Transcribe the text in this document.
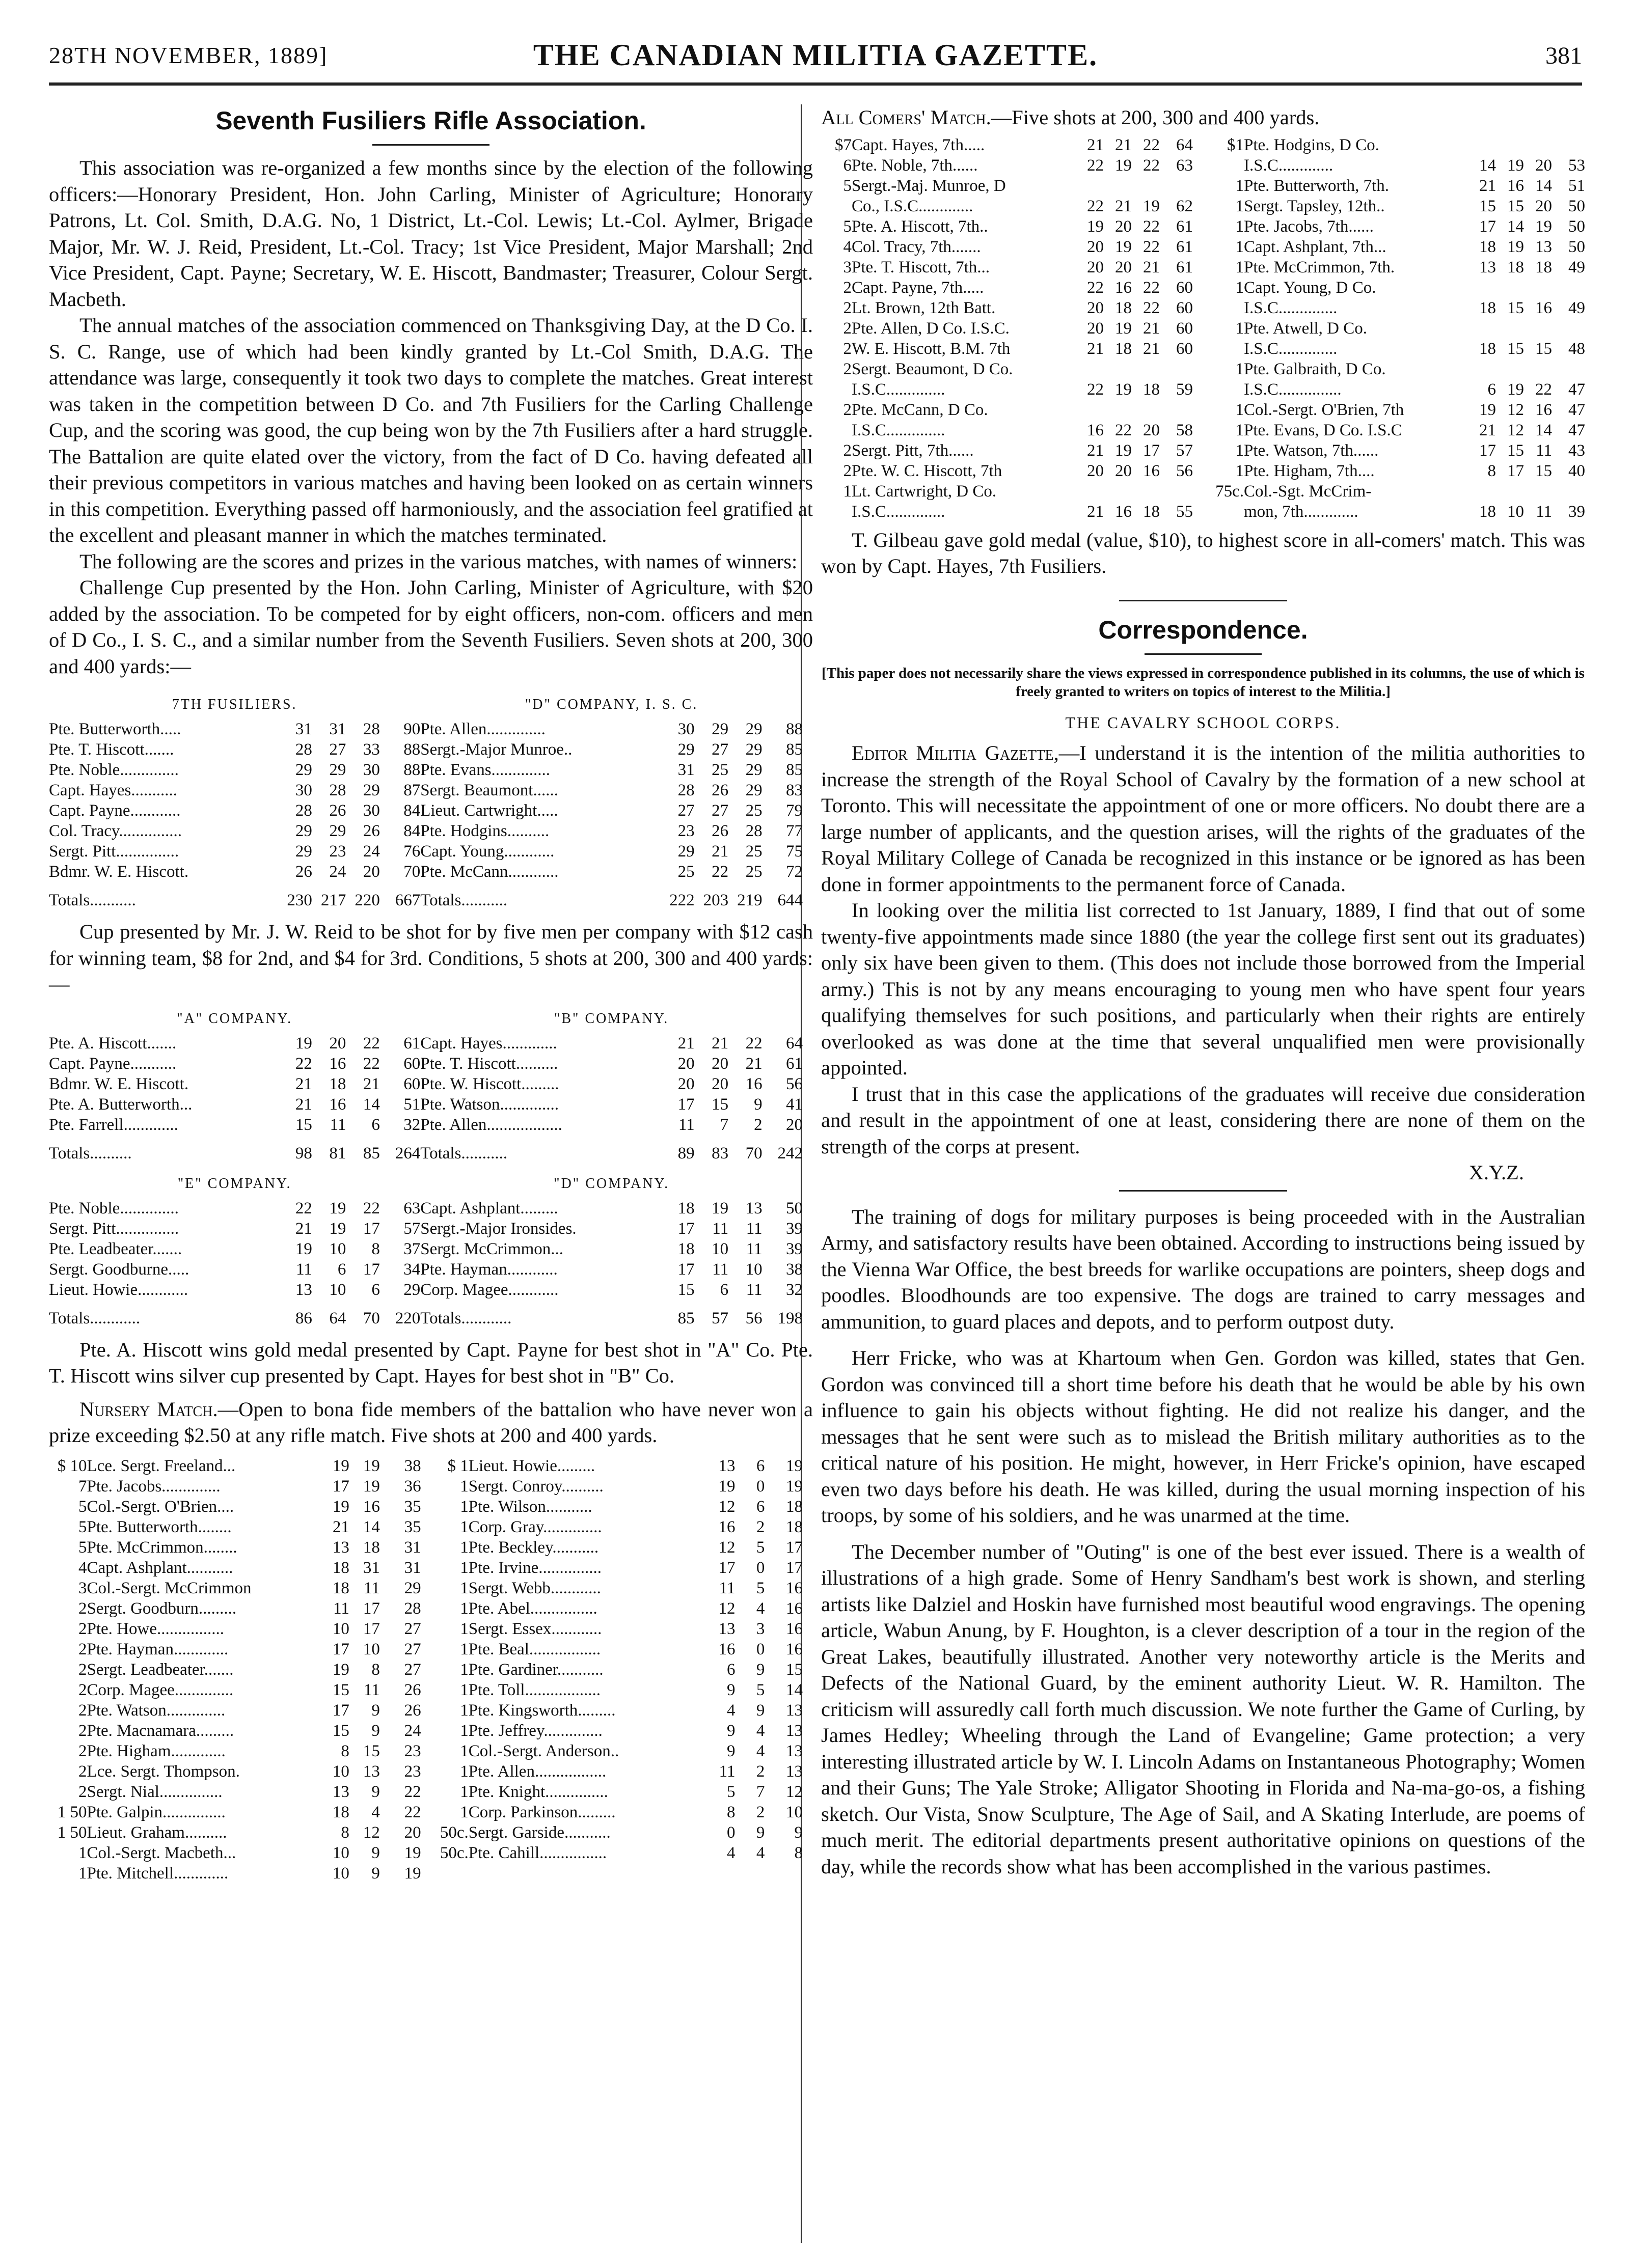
28TH NOVEMBER, 1889]	THE CANADIAN MILITIA GAZETTE.	381
Seventh Fusiliers Rifle Association.

This association was re-organized a few months since by the election of the following officers:—Honorary President, Hon. John Carling, Minister of Agriculture; Honorary Patrons, Lt. Col. Smith, D.A.G. No, 1 District, Lt.-Col. Lewis; Lt.-Col. Aylmer, Brigade Major, Mr. W. J. Reid, President, Lt.-Col. Tracy; 1st Vice President, Major Marshall; 2nd Vice President, Capt. Payne; Secretary, W. E. Hiscott, Bandmaster; Treasurer, Colour Sergt. Macbeth.

The annual matches of the association commenced on Thanksgiving Day, at the D Co. I. S. C. Range, use of which had been kindly granted by Lt.-Col Smith, D.A.G. The attendance was large, consequently it took two days to complete the matches. Great interest was taken in the competition between D Co. and 7th Fusiliers for the Carling Challenge Cup, and the scoring was good, the cup being won by the 7th Fusiliers after a hard struggle. The Battalion are quite elated over the victory, from the fact of D Co. having defeated all their previous competitors in various matches and having been looked on as certain winners in this competition. Everything passed off harmoniously, and the association feel gratified at the excellent and pleasant manner in which the matches terminated.

The following are the scores and prizes in the various matches, with names of winners:

Challenge Cup presented by the Hon. John Carling, Minister of Agriculture, with $20 added by the association. To be competed for by eight officers, non-com. officers and men of D Co., I. S. C., and a similar number from the Seventh Fusiliers. Seven shots at 200, 300 and 400 yards:—

7TH FUSILIERS.					"D" COMPANY, I. S. C.				
Pte. Butterworth.....	31	31	28	90	Pte. Allen..............	30	29	29	88
Pte. T. Hiscott.......	28	27	33	88	Sergt.-Major Munroe..	29	27	29	85
Pte. Noble..............	29	29	30	88	Pte. Evans..............	31	25	29	85
Capt. Hayes...........	30	28	29	87	Sergt. Beaumont......	28	26	29	83
Capt. Payne............	28	26	30	84	Lieut. Cartwright.....	27	27	25	79
Col. Tracy...............	29	29	26	84	Pte. Hodgins..........	23	26	28	77
Sergt. Pitt...............	29	23	24	76	Capt. Young............	29	21	25	75
Bdmr. W. E. Hiscott.	26	24	20	70	Pte. McCann............	25	22	25	72
Totals...........	230	217	220	667	Totals...........	222	203	219	644

Cup presented by Mr. J. W. Reid to be shot for by five men per company with $12 cash for winning team, $8 for 2nd, and $4 for 3rd. Conditions, 5 shots at 200, 300 and 400 yards:—

"A" COMPANY.					"B" COMPANY.				
Pte. A. Hiscott.......	19	20	22	61	Capt. Hayes.............	21	21	22	64
Capt. Payne...........	22	16	22	60	Pte. T. Hiscott..........	20	20	21	61
Bdmr. W. E. Hiscott.	21	18	21	60	Pte. W. Hiscott.........	20	20	16	56
Pte. A. Butterworth...	21	16	14	51	Pte. Watson..............	17	15	9	41
Pte. Farrell.............	15	11	6	32	Pte. Allen..................	11	7	2	20
Totals..........	98	81	85	264	Totals...........	89	83	70	242
"E" COMPANY.					"D" COMPANY.				
Pte. Noble..............	22	19	22	63	Capt. Ashplant.........	18	19	13	50
Sergt. Pitt...............	21	19	17	57	Sergt.-Major Ironsides.	17	11	11	39
Pte. Leadbeater.......	19	10	8	37	Sergt. McCrimmon...	18	10	11	39
Sergt. Goodburne.....	11	6	17	34	Pte. Hayman............	17	11	10	38
Lieut. Howie............	13	10	6	29	Corp. Magee............	15	6	11	32
Totals............	86	64	70	220	Totals............	85	57	56	198

Pte. A. Hiscott wins gold medal presented by Capt. Payne for best shot in "A" Co. Pte. T. Hiscott wins silver cup presented by Capt. Hayes for best shot in "B" Co.

Nursery Match.—Open to bona fide members of the battalion who have never won a prize exceeding $2.50 at any rifle match. Five shots at 200 and 400 yards.

$ 10	Lce. Sergt. Freeland...	19	19	38	$ 1	Lieut. Howie.........	13	6	19
7	Pte. Jacobs..............	17	19	36	1	Sergt. Conroy..........	19	0	19
5	Col.-Sergt. O'Brien....	19	16	35	1	Pte. Wilson...........	12	6	18
5	Pte. Butterworth........	21	14	35	1	Corp. Gray..............	16	2	18
5	Pte. McCrimmon........	13	18	31	1	Pte. Beckley...........	12	5	17
4	Capt. Ashplant...........	18	31	31	1	Pte. Irvine...............	17	0	17
3	Col.-Sergt. McCrimmon	18	11	29	1	Sergt. Webb............	11	5	16
2	Sergt. Goodburn.........	11	17	28	1	Pte. Abel................	12	4	16
2	Pte. Howe................	10	17	27	1	Sergt. Essex............	13	3	16
2	Pte. Hayman.............	17	10	27	1	Pte. Beal.................	16	0	16
2	Sergt. Leadbeater.......	19	8	27	1	Pte. Gardiner...........	6	9	15
2	Corp. Magee..............	15	11	26	1	Pte. Toll..................	9	5	14
2	Pte. Watson..............	17	9	26	1	Pte. Kingsworth.........	4	9	13
2	Pte. Macnamara.........	15	9	24	1	Pte. Jeffrey..............	9	4	13
2	Pte. Higham.............	8	15	23	1	Col.-Sergt. Anderson..	9	4	13
2	Lce. Sergt. Thompson.	10	13	23	1	Pte. Allen.................	11	2	13
2	Sergt. Nial...............	13	9	22	1	Pte. Knight...............	5	7	12
1 50	Pte. Galpin...............	18	4	22	1	Corp. Parkinson.........	8	2	10
1 50	Lieut. Graham..........	8	12	20	50c.	Sergt. Garside...........	0	9	9
1	Col.-Sergt. Macbeth...	10	9	19	50c.	Pte. Cahill................	4	4	8
1	Pte. Mitchell.............	10	9	19					

All Comers' Match.—Five shots at 200, 300 and 400 yards.

$7	Capt. Hayes, 7th.....	21	21	22	64
6	Pte. Noble, 7th......	22	19	22	63
5	Sergt.-Maj. Munroe, D				
	Co., I.S.C.............	22	21	19	62
5	Pte. A. Hiscott, 7th..	19	20	22	61
4	Col. Tracy, 7th.......	20	19	22	61
3	Pte. T. Hiscott, 7th...	20	20	21	61
2	Capt. Payne, 7th.....	22	16	22	60
2	Lt. Brown, 12th Batt.	20	18	22	60
2	Pte. Allen, D Co. I.S.C.	20	19	21	60
2	W. E. Hiscott, B.M. 7th	21	18	21	60
2	Sergt. Beaumont, D Co.				
	I.S.C..............	22	19	18	59
2	Pte. McCann, D Co.				
	I.S.C..............	16	22	20	58
2	Sergt. Pitt, 7th......	21	19	17	57
2	Pte. W. C. Hiscott, 7th	20	20	16	56
1	Lt. Cartwright, D Co.				
	I.S.C..............	21	16	18	55
$1	Pte. Hodgins, D Co.				
	I.S.C.............	14	19	20	53
1	Pte. Butterworth, 7th.	21	16	14	51
1	Sergt. Tapsley, 12th..	15	15	20	50
1	Pte. Jacobs, 7th......	17	14	19	50
1	Capt. Ashplant, 7th...	18	19	13	50
1	Pte. McCrimmon, 7th.	13	18	18	49
1	Capt. Young, D Co.				
	I.S.C..............	18	15	16	49
1	Pte. Atwell, D Co.				
	I.S.C..............	18	15	15	48
1	Pte. Galbraith, D Co.				
	I.S.C...............	6	19	22	47
1	Col.-Sergt. O'Brien, 7th	19	12	16	47
1	Pte. Evans, D Co. I.S.C	21	12	14	47
1	Pte. Watson, 7th......	17	15	11	43
1	Pte. Higham, 7th....	8	17	15	40
75c.	Col.-Sgt. McCrim-				
	mon, 7th.............	18	10	11	39

T. Gilbeau gave gold medal (value, $10), to highest score in all-comers' match. This was won by Capt. Hayes, 7th Fusiliers.

Correspondence.
[This paper does not necessarily share the views expressed in correspondence published in its columns, the use of which is freely granted to writers on topics of interest to the Militia.]
THE CAVALRY SCHOOL CORPS.

Editor Militia Gazette,—I understand it is the intention of the militia authorities to increase the strength of the Royal School of Cavalry by the formation of a new school at Toronto. This will necessitate the appointment of one or more officers. No doubt there are a large number of applicants, and the question arises, will the rights of the graduates of the Royal Military College of Canada be recognized in this instance or be ignored as has been done in former appointments to the permanent force of Canada.

In looking over the militia list corrected to 1st January, 1889, I find that out of some twenty-five appointments made since 1880 (the year the college first sent out its graduates) only six have been given to them. (This does not include those borrowed from the Imperial army.) This is not by any means encouraging to young men who have spent four years qualifying themselves for such positions, and particularly when their rights are entirely overlooked as was done at the time that several unqualified men were provisionally appointed.

I trust that in this case the applications of the graduates will receive due consideration and result in the appointment of one at least, considering there are none of them on the strength of the corps at present.

X.Y.Z.

The training of dogs for military purposes is being proceeded with in the Australian Army, and satisfactory results have been obtained. According to instructions being issued by the Vienna War Office, the best breeds for warlike occupations are pointers, sheep dogs and poodles. Bloodhounds are too expensive. The dogs are trained to carry messages and ammunition, to guard places and depots, and to perform outpost duty.

Herr Fricke, who was at Khartoum when Gen. Gordon was killed, states that Gen. Gordon was convinced till a short time before his death that he would be able by his own influence to gain his objects without fighting. He did not realize his danger, and the messages that he sent were such as to mislead the British military authorities as to the critical nature of his position. He might, however, in Herr Fricke's opinion, have escaped even two days before his death. He was killed, during the usual morning inspection of his troops, by some of his soldiers, and he was unarmed at the time.

The December number of "Outing" is one of the best ever issued. There is a wealth of illustrations of a high grade. Some of Henry Sandham's best work is shown, and sterling artists like Dalziel and Hoskin have furnished most beautiful wood engravings. The opening article, Wabun Anung, by F. Houghton, is a clever description of a tour in the region of the Great Lakes, beautifully illustrated. Another very noteworthy article is the Merits and Defects of the National Guard, by the eminent authority Lieut. W. R. Hamilton. The criticism will assuredly call forth much discussion. We note further the Game of Curling, by James Hedley; Wheeling through the Land of Evangeline; Game protection; a very interesting illustrated article by W. I. Lincoln Adams on Instantaneous Photography; Women and their Guns; The Yale Stroke; Alligator Shooting in Florida and Na-ma-go-os, a fishing sketch. Our Vista, Snow Sculpture, The Age of Sail, and A Skating Interlude, are poems of much merit. The editorial departments present authoritative opinions on questions of the day, while the records show what has been accomplished in the various pastimes.
